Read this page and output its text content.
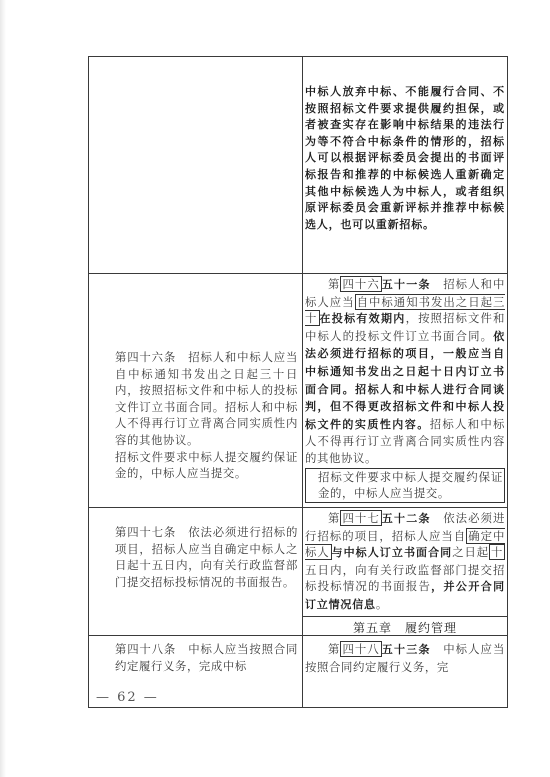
中标人放弃中标、不能履行合同、不按照招标文件要求提供履约担保，或者被查实存在影响中标结果的违法行为等不符合中标条件的情形的，招标人可以根据评标委员会提出的书面评标报告和推荐的中标候选人重新确定其他中标候选人为中标人，或者组织原评标委员会重新评标并推荐中标候选人，也可以重新招标。

第四十六条　招标人和中标人应当自中标通知书发出之日起三十日内，按照招标文件和中标人的投标文件订立书面合同。招标人和中标人不得再行订立背离合同实质性内容的其他协议。

招标文件要求中标人提交履约保证金的，中标人应当提交。

第 四十六 五十一条　招标人和中标人应当 自中标通知书发出之日起三十 在投标有效期内，按照招标文件和中标人的投标文件订立书面合同。依法必须进行招标的项目，一般应当自中标通知书发出之日起十日内订立书面合同。招标人和中标人进行合同谈判，但不得更改招标文件和中标人投标文件的实质性内容。招标人和中标人不得再行订立背离合同实质性内容的其他协议。
招标文件要求中标人提交履约保证金的，中标人应当提交。

第四十七条　依法必须进行招标的项目，招标人应当自确定中标人之日起十五日内，向有关行政监督部门提交招标投标情况的书面报告。

第 四十七 五十二条　依法必须进行招标的项目，招标人应当自 确定中标人 与中标人订立书面合同之日起 十五日内，向有关行政监督部门提交招标投标情况的书面报告，并公开合同订立情况信息。
第五章　履约管理

第四十八条　中标人应当按照合同约定履行义务，完成中标

第 四十八 五十三条　中标人应当按照合同约定履行义务，完
— 62 —
